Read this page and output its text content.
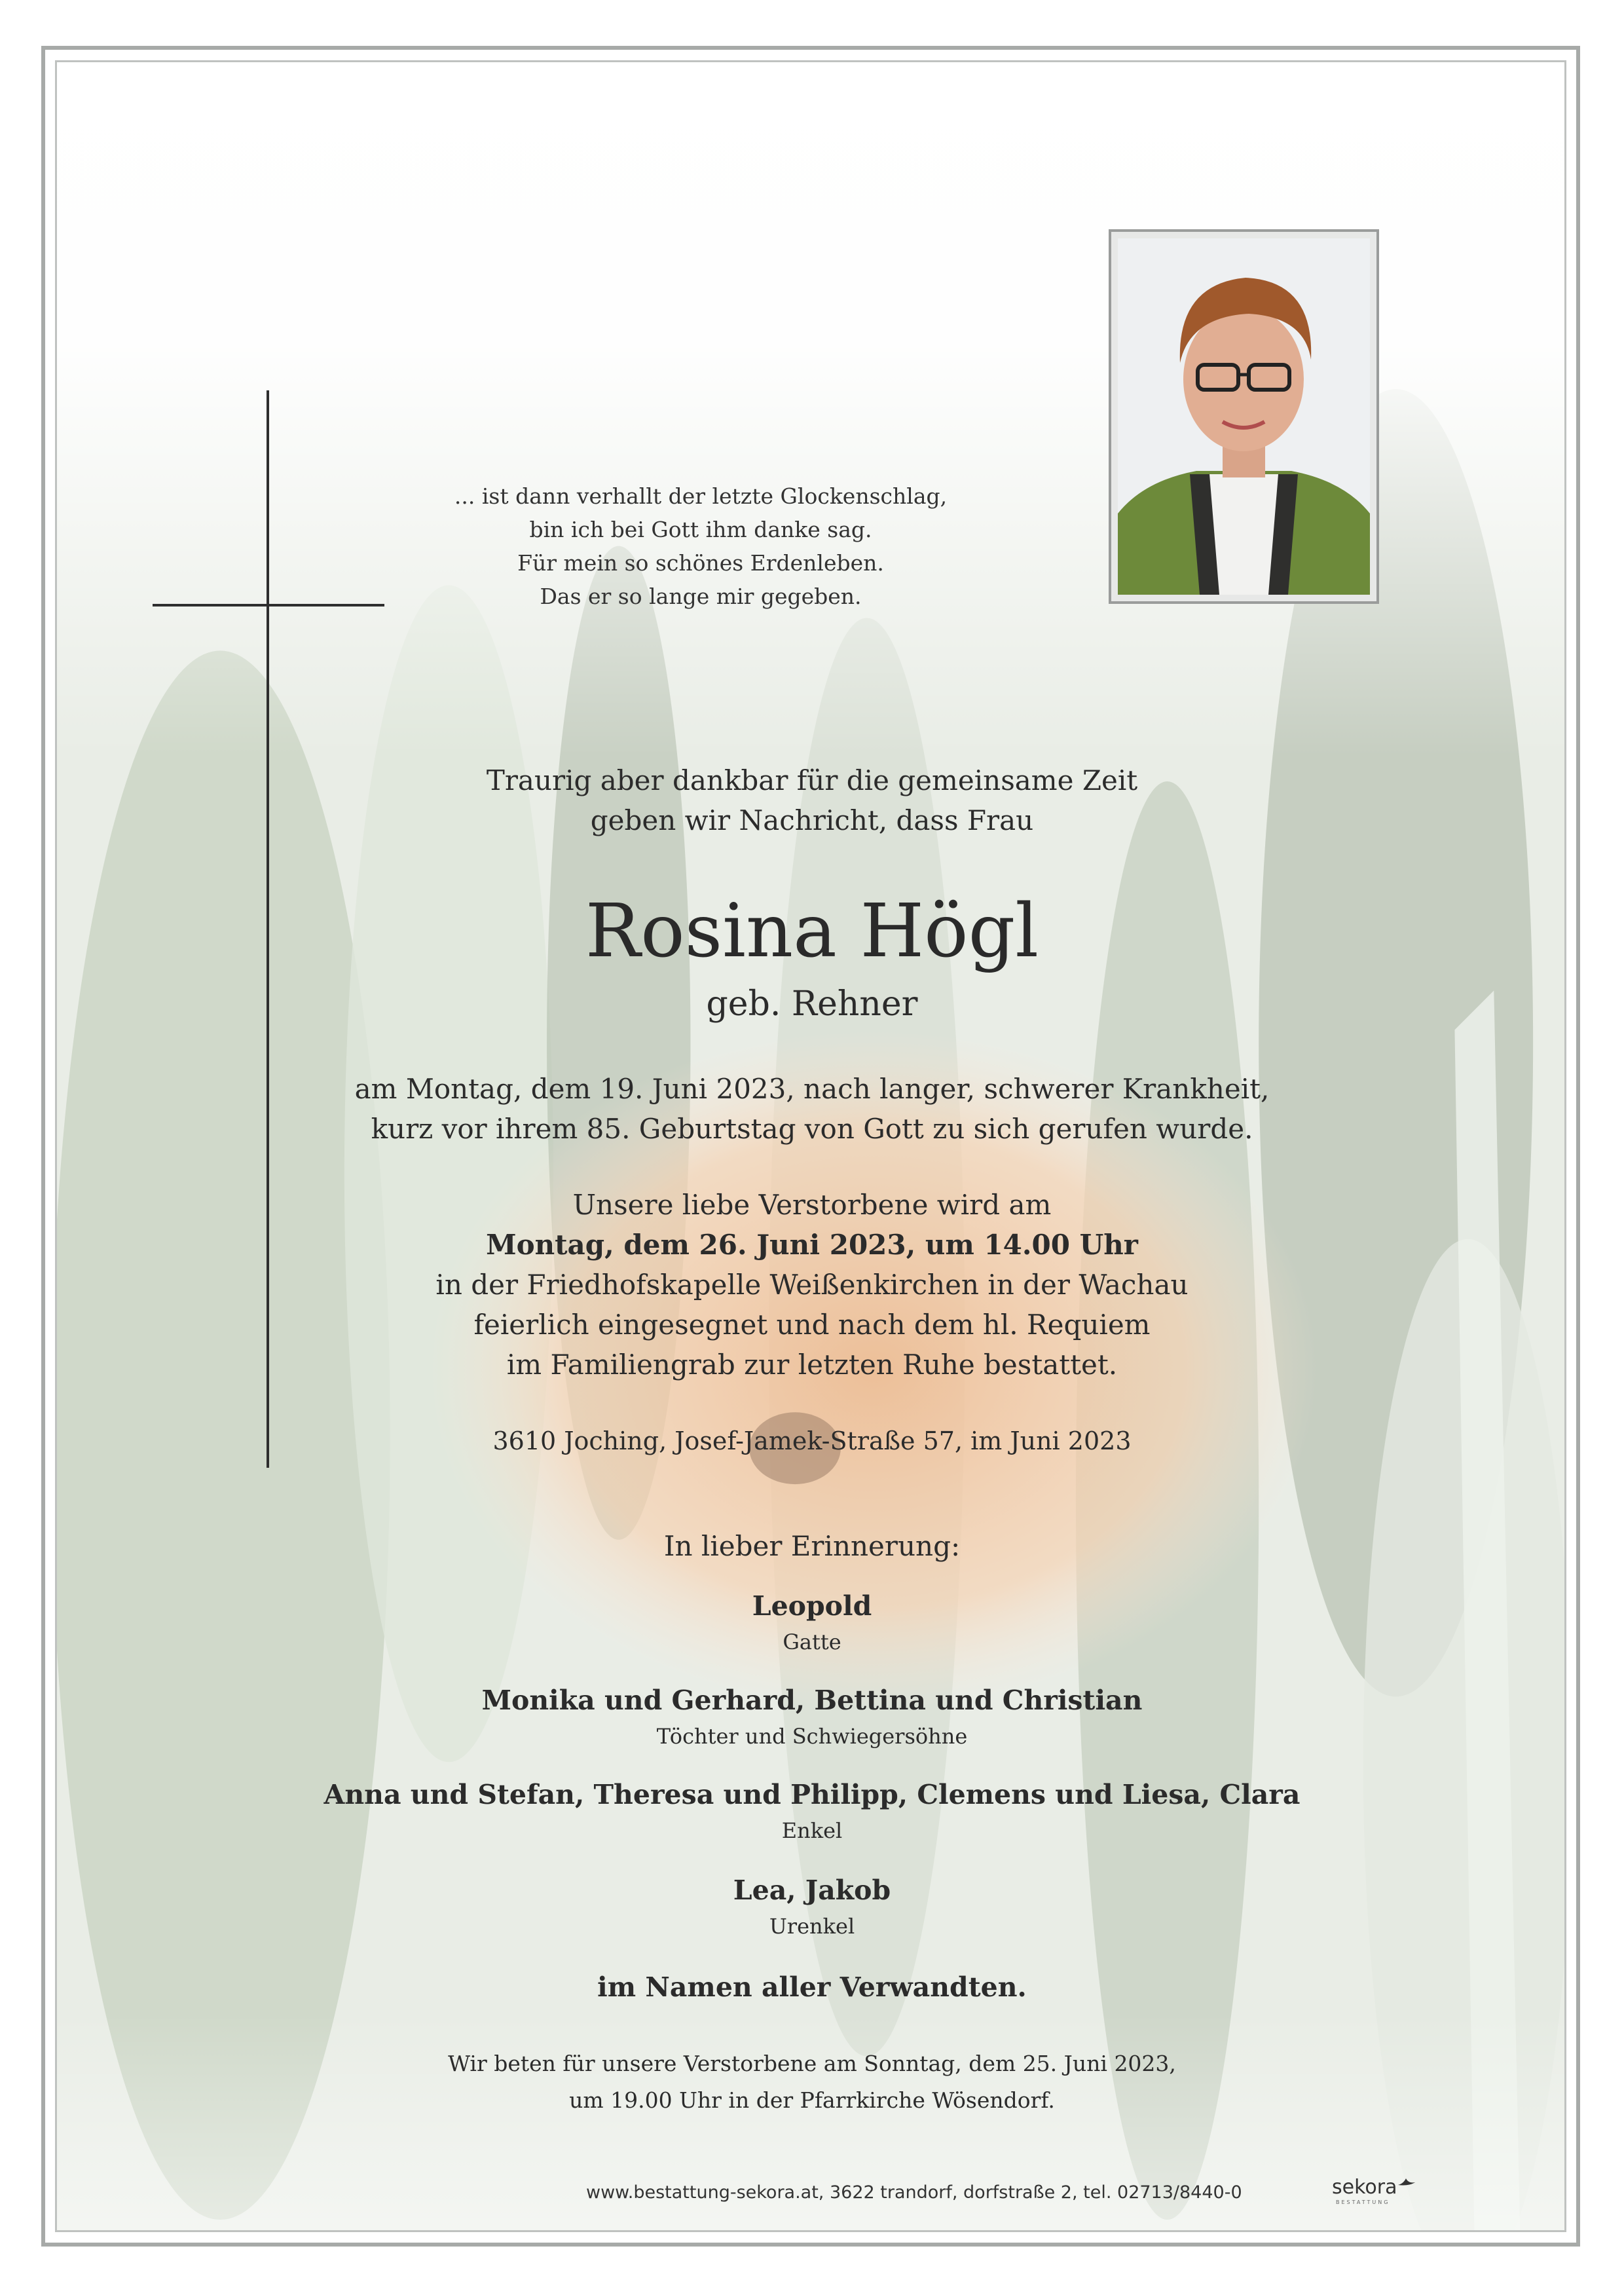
... ist dann verhallt der letzte Glockenschlag,
bin ich bei Gott ihm danke sag.
Für mein so schönes Erdenleben.
Das er so lange mir gegeben.
Traurig aber dankbar für die gemeinsame Zeit
geben wir Nachricht, dass Frau
Rosina Högl
geb. Rehner
am Montag, dem 19. Juni 2023, nach langer, schwerer Krankheit,
kurz vor ihrem 85. Geburtstag von Gott zu sich gerufen wurde.
Unsere liebe Verstorbene wird am
Montag, dem 26. Juni 2023, um 14.00 Uhr
in der Friedhofskapelle Weißenkirchen in der Wachau
feierlich eingesegnet und nach dem hl. Requiem
im Familiengrab zur letzten Ruhe bestattet.
3610 Joching, Josef-Jamek-Straße 57, im Juni 2023
In lieber Erinnerung:
Leopold
Gatte
Monika und Gerhard, Bettina und Christian
Töchter und Schwiegersöhne
Anna und Stefan, Theresa und Philipp, Clemens und Liesa, Clara
Enkel
Lea, Jakob
Urenkel
im Namen aller Verwandten.
Wir beten für unsere Verstorbene am Sonntag, dem 25. Juni 2023,
um 19.00 Uhr in der Pfarrkirche Wösendorf.
www.bestattung-sekora.at, 3622 trandorf, dorfstraße 2, tel. 02713/8440-0	sekora
BESTATTUNG
